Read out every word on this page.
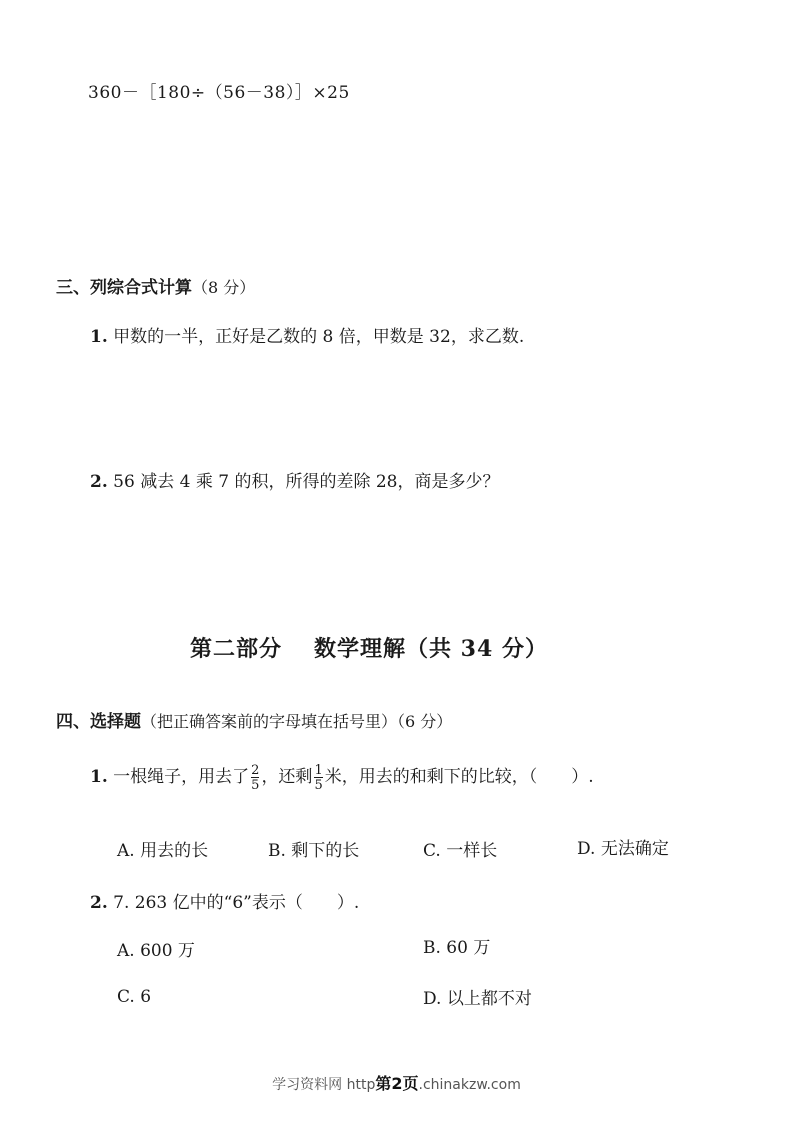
360－［180÷（56－38）］×25
三、列综合式计算（8 分）
1. 甲数的一半，正好是乙数的 8 倍，甲数是 32，求乙数.
2. 56 减去 4 乘 7 的积，所得的差除 28，商是多少？
第二部分 数学理解（共 34 分）
四、选择题（把正确答案前的字母填在括号里）（6 分）
1. 一根绳子，用去了 $\frac{2}{5}$ ，还剩 $\frac{1}{5}$ 米，用去的和剩下的比较，（　　）.
A. 用去的长	B. 剩下的长	C. 一样长	D. 无法确定
2. 7. 263 亿中的“6”表示（　　）.
A. 600 万	B. 60 万
C. 6	D. 以上都不对
学习资料网 http第2页.chinakzw.com
